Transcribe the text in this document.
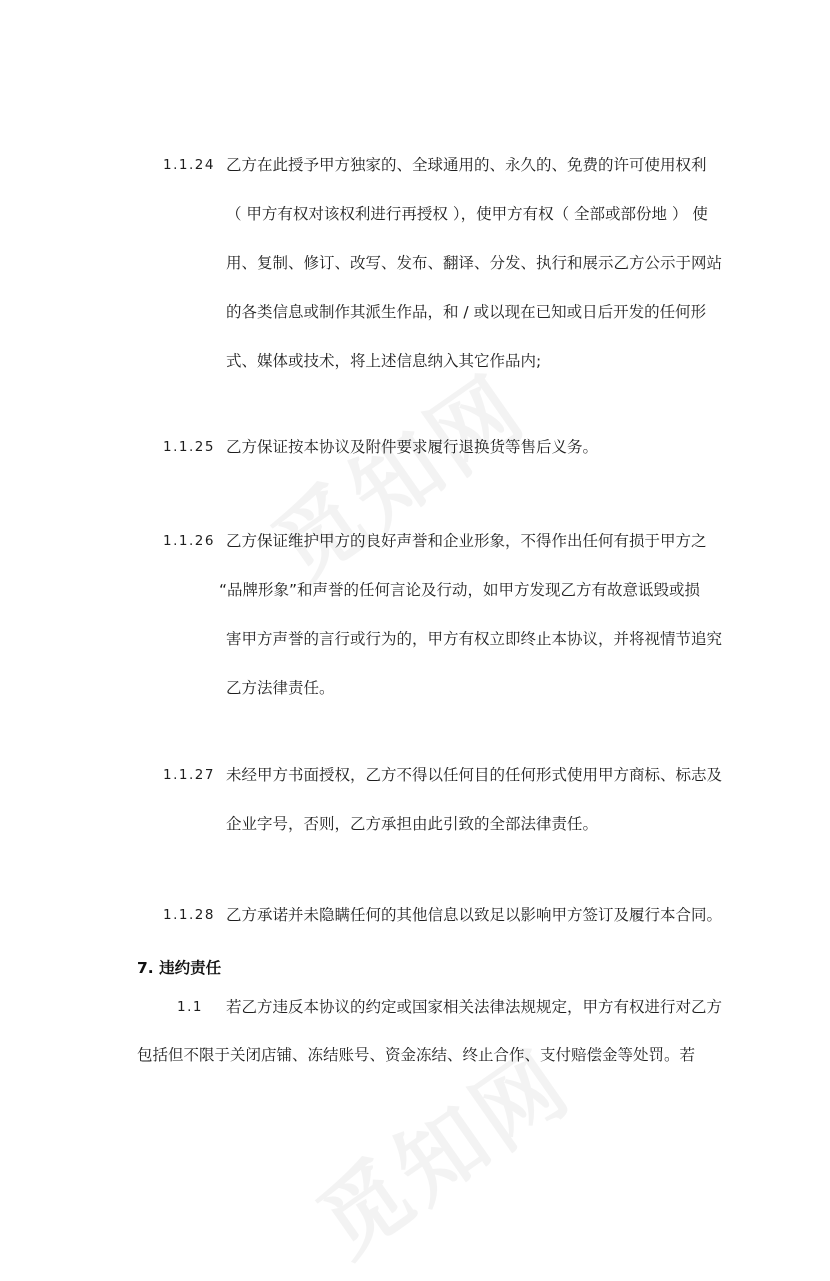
1.1.24 乙方在此授予甲方独家的、全球通用的、永久的、免费的许可使用权利
（ 甲方有权对该权利进行再授权 ），使甲方有权（ 全部或部份地 ） 使
用、复制、修订、改写、发布、翻译、分发、执行和展示乙方公示于网站
的各类信息或制作其派生作品，和 / 或以现在已知或日后开发的任何形
式、媒体或技术，将上述信息纳入其它作品内;
1.1.25 乙方保证按本协议及附件要求履行退换货等售后义务。
1.1.26 乙方保证维护甲方的良好声誉和企业形象，不得作出任何有损于甲方之
“品牌形象”和声誉的任何言论及行动，如甲方发现乙方有故意诋毁或损
害甲方声誉的言行或行为的，甲方有权立即终止本协议，并将视情节追究
乙方法律责任。
1.1.27 未经甲方书面授权，乙方不得以任何目的任何形式使用甲方商标、标志及
企业字号，否则，乙方承担由此引致的全部法律责任。
1.1.28 乙方承诺并未隐瞒任何的其他信息以致足以影响甲方签订及履行本合同。
7. 违约责任
1.1 若乙方违反本协议的约定或国家相关法律法规规定，甲方有权进行对乙方
包括但不限于关闭店铺、冻结账号、资金冻结、终止合作、支付赔偿金等处罚。若
